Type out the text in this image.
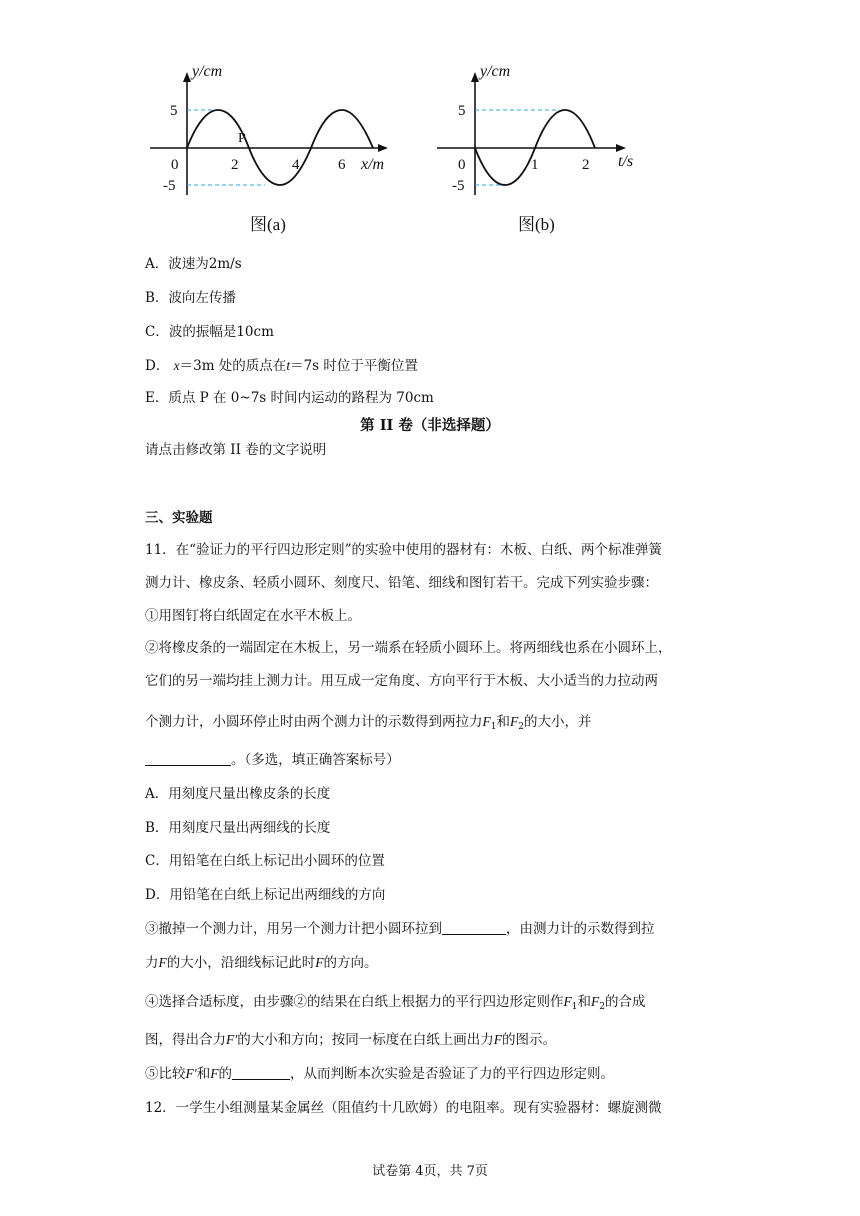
y/cm
5
-5
0	2	4	6 x/m
P
图(a)
y/cm
5
-5
0	1	2 t/s
图(b)
A．波速为2m/s
B．波向左传播
C．波的振幅是10cm
D． x＝3m 处的质点在t＝7s 时位于平衡位置
E．质点 P 在 0~7s 时间内运动的路程为 70cm
第 II 卷（非选择题）
请点击修改第 II 卷的文字说明
三、实验题
11．在“验证力的平行四边形定则”的实验中使用的器材有：木板、白纸、两个标准弹簧
测力计、橡皮条、轻质小圆环、刻度尺、铅笔、细线和图钉若干。完成下列实验步骤：
①用图钉将白纸固定在水平木板上。
②将橡皮条的一端固定在木板上，另一端系在轻质小圆环上。将两细线也系在小圆环上，
它们的另一端均挂上测力计。用互成一定角度、方向平行于木板、大小适当的力拉动两
个测力计，小圆环停止时由两个测力计的示数得到两拉力$F_1$和$F_2$的大小，并
。（多选，填正确答案标号）
A．用刻度尺量出橡皮条的长度
B．用刻度尺量出两细线的长度
C．用铅笔在白纸上标记出小圆环的位置
D．用铅笔在白纸上标记出两细线的方向
③撤掉一个测力计，用另一个测力计把小圆环拉到	，由测力计的示数得到拉
力F的大小，沿细线标记此时F的方向。
④选择合适标度，由步骤②的结果在白纸上根据力的平行四边形定则作$F_1$和$F_2$的合成
图，得出合力F′的大小和方向；按同一标度在白纸上画出力F的图示。
⑤比较F′和F的	，从而判断本次实验是否验证了力的平行四边形定则。
12．一学生小组测量某金属丝（阻值约十几欧姆）的电阻率。现有实验器材：螺旋测微
试卷第 4页，共 7页
